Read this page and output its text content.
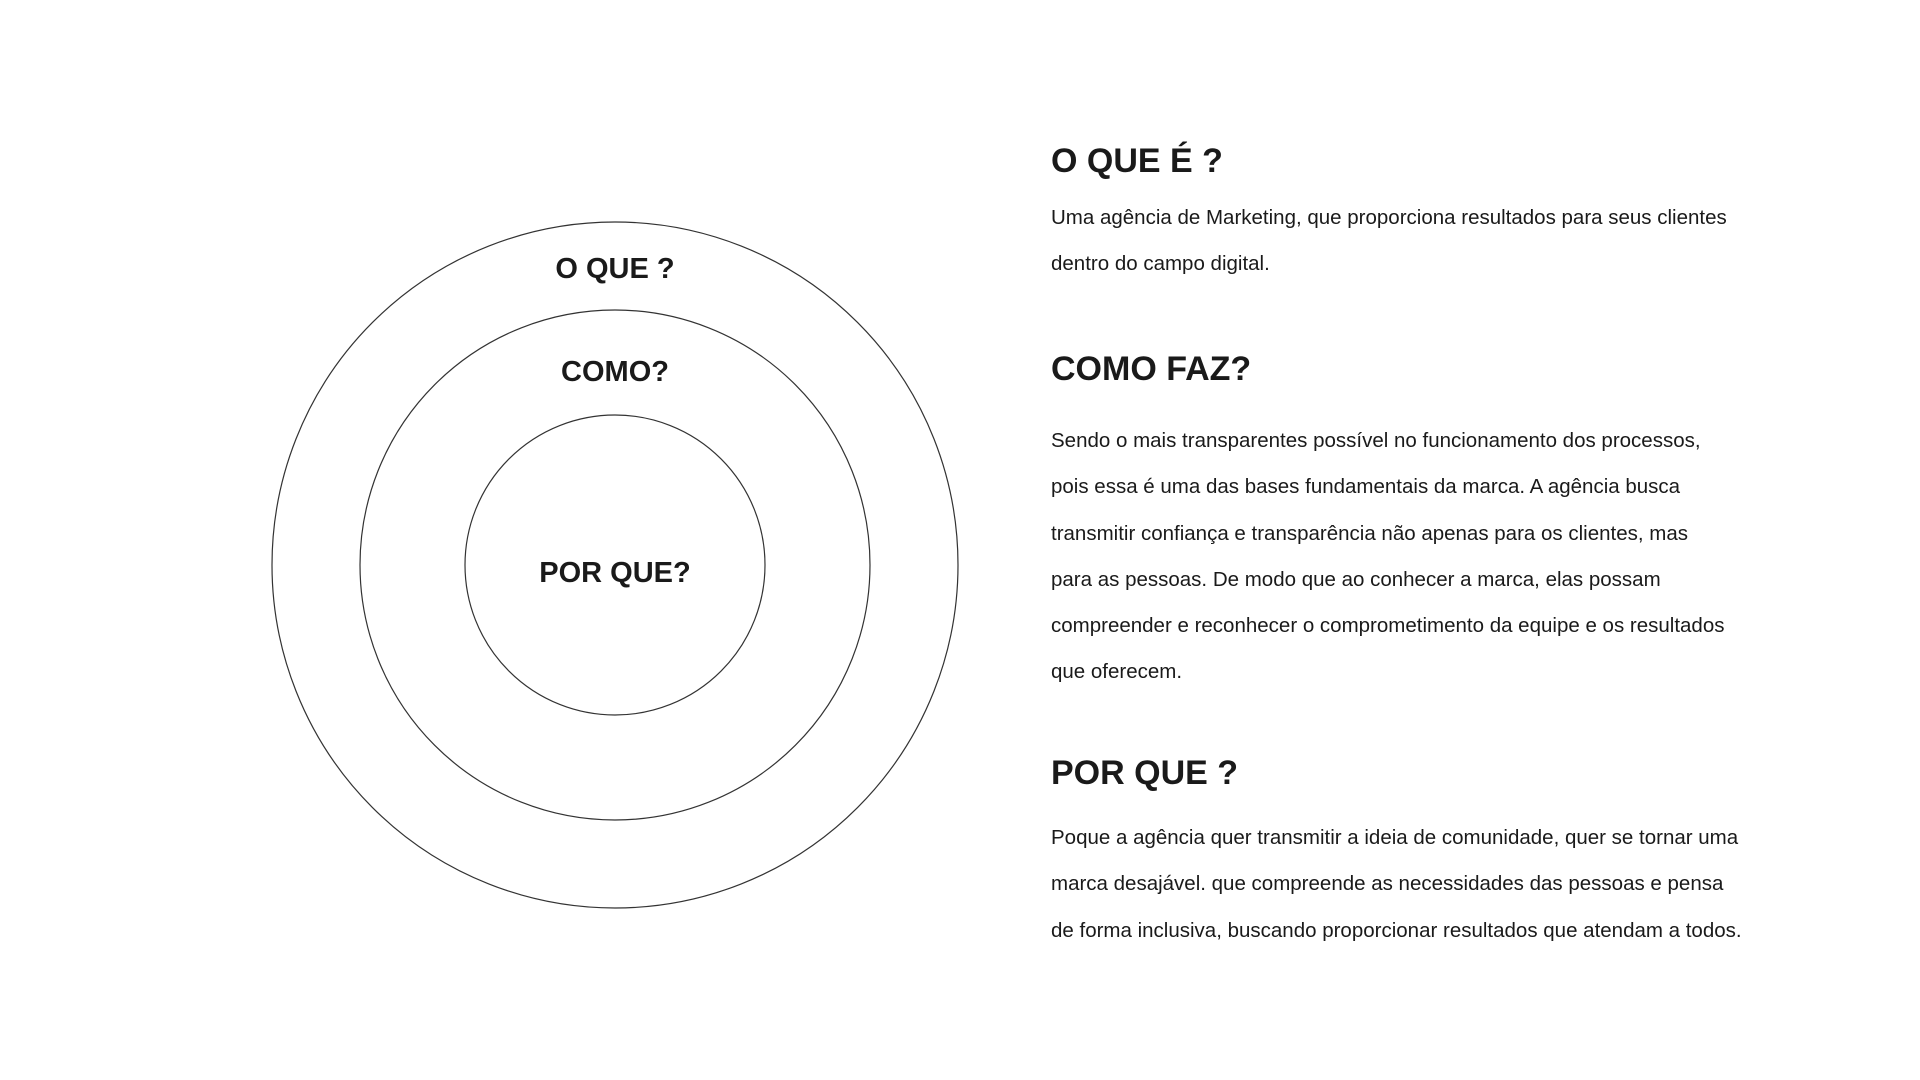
O QUE ?
COMO?
POR QUE?
O QUE É ?

Uma agência de Marketing, que proporciona resultados para seus clientes
dentro do campo digital.

COMO FAZ?

Sendo o mais transparentes possível no funcionamento dos processos,
pois essa é uma das bases fundamentais da marca. A agência busca
transmitir confiança e transparência não apenas para os clientes, mas
para as pessoas. De modo que ao conhecer a marca, elas possam
compreender e reconhecer o comprometimento da equipe e os resultados
que oferecem.

POR QUE ?

Poque a agência quer transmitir a ideia de comunidade, quer se tornar uma
marca desajável. que compreende as necessidades das pessoas e pensa
de forma inclusiva, buscando proporcionar resultados que atendam a todos.
